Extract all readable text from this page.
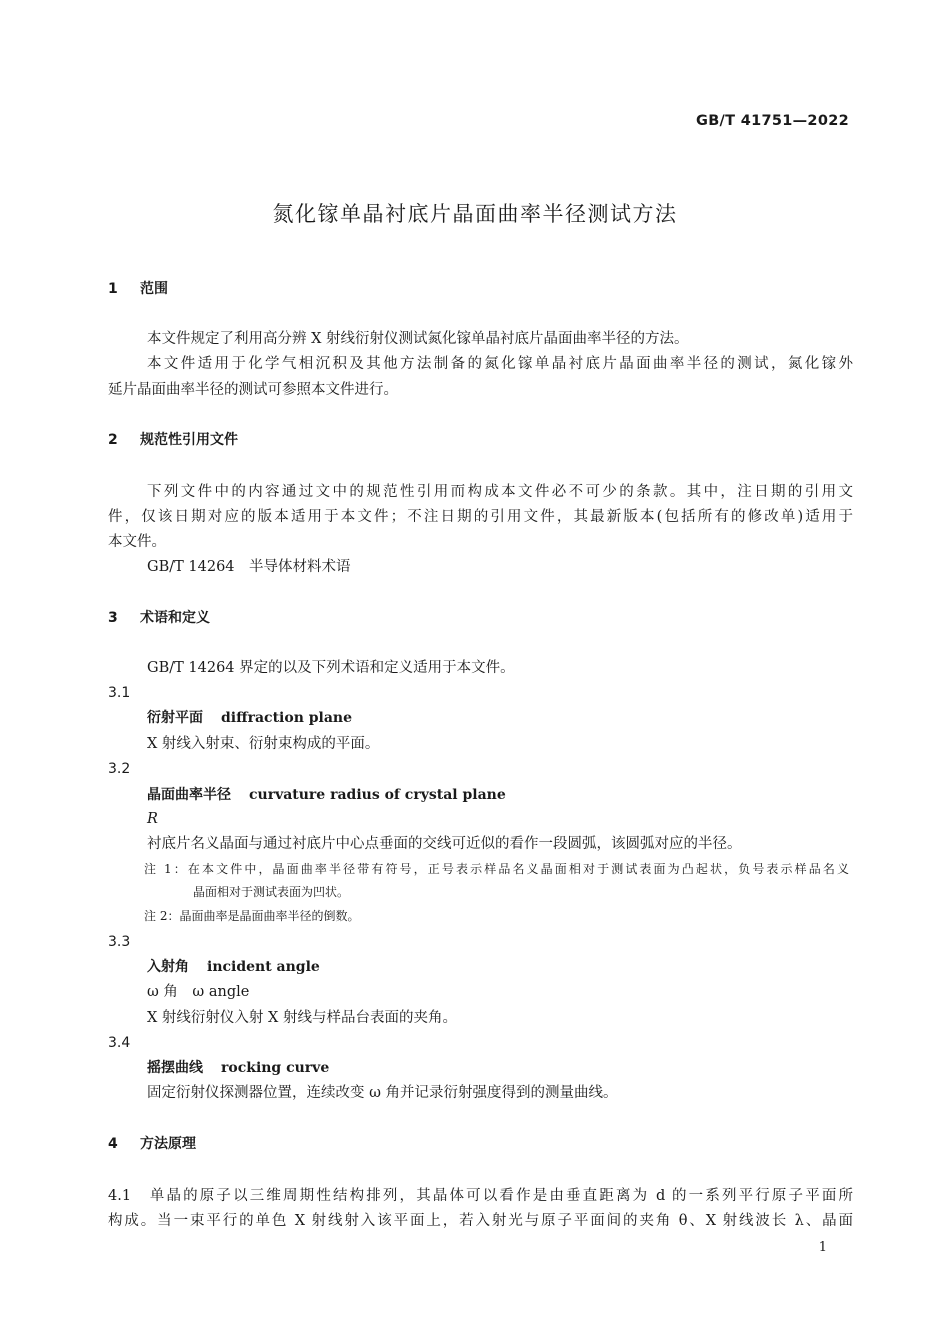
GB/T 41751—2022
氮化镓单晶衬底片晶面曲率半径测试方法
1 范围
本文件规定了利用高分辨 X 射线衍射仪测试氮化镓单晶衬底片晶面曲率半径的方法。
本文件适用于化学气相沉积及其他方法制备的氮化镓单晶衬底片晶面曲率半径的测试，氮化镓外
延片晶面曲率半径的测试可参照本文件进行。
2 规范性引用文件
下列文件中的内容通过文中的规范性引用而构成本文件必不可少的条款。其中，注日期的引用文
件，仅该日期对应的版本适用于本文件；不注日期的引用文件，其最新版本(包括所有的修改单)适用于
本文件。
GB/T 14264　半导体材料术语
3 术语和定义
GB/T 14264 界定的以及下列术语和定义适用于本文件。
3.1
衍射平面 diffraction plane
X 射线入射束、衍射束构成的平面。
3.2
晶面曲率半径 curvature radius of crystal plane
R
衬底片名义晶面与通过衬底片中心点垂面的交线可近似的看作一段圆弧，该圆弧对应的半径。
注 1：在本文件中，晶面曲率半径带有符号，正号表示样品名义晶面相对于测试表面为凸起状，负号表示样品名义
晶面相对于测试表面为凹状。
注 2：晶面曲率是晶面曲率半径的倒数。
3.3
入射角 incident angle
ω 角　ω angle
X 射线衍射仪入射 X 射线与样品台表面的夹角。
3.4
摇摆曲线 rocking curve
固定衍射仪探测器位置，连续改变 ω 角并记录衍射强度得到的测量曲线。
4 方法原理
4.1　单晶的原子以三维周期性结构排列，其晶体可以看作是由垂直距离为 d 的一系列平行原子平面所
构成。当一束平行的单色 X 射线射入该平面上，若入射光与原子平面间的夹角 θ、X 射线波长 λ、晶面
1
